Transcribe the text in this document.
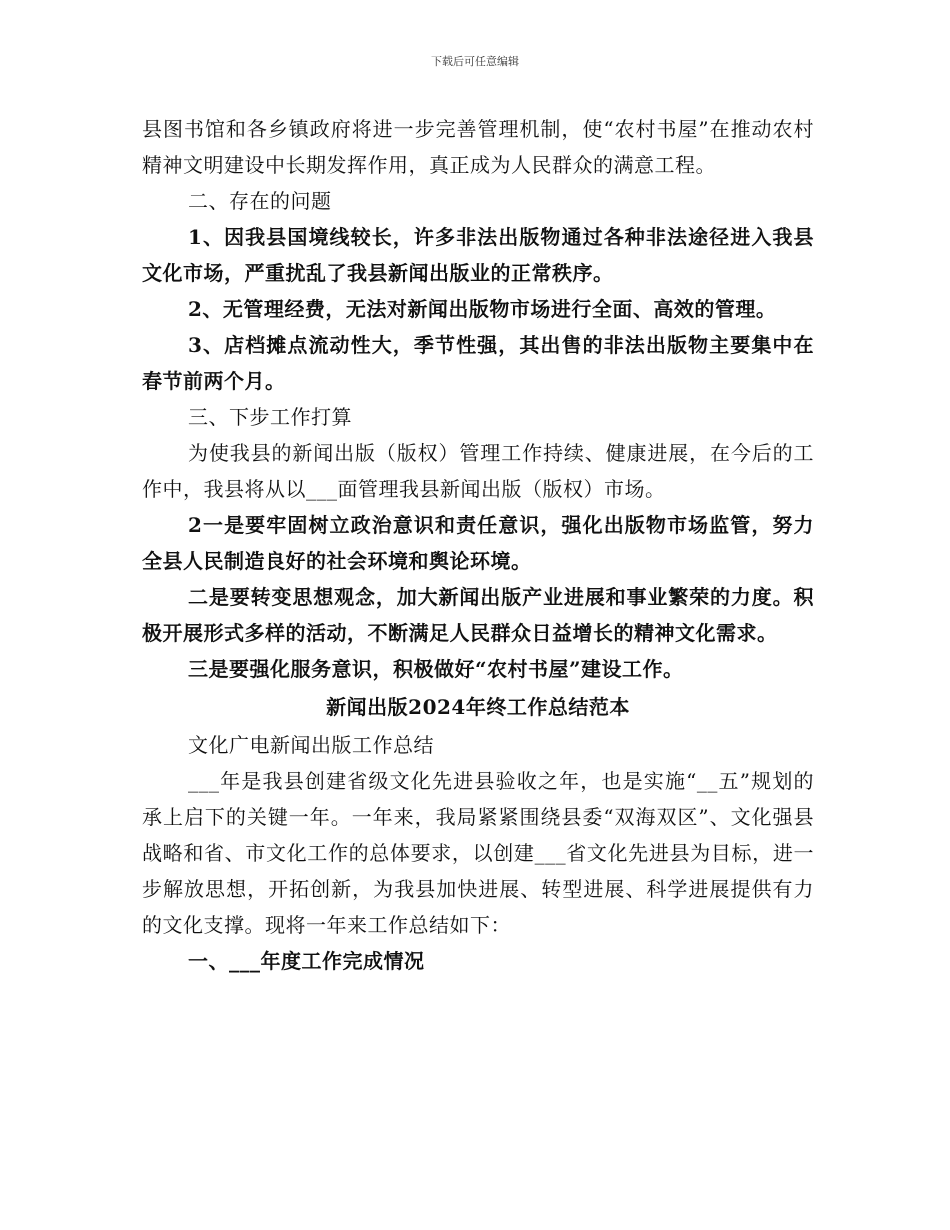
下载后可任意编辑

县图书馆和各乡镇政府将进一步完善管理机制，使“农村书屋”在推动农村精神文明建设中长期发挥作用，真正成为人民群众的满意工程。

二、存在的问题

1、因我县国境线较长，许多非法出版物通过各种非法途径进入我县文化市场，严重扰乱了我县新闻出版业的正常秩序。

2、无管理经费，无法对新闻出版物市场进行全面、高效的管理。

3、店档摊点流动性大，季节性强，其出售的非法出版物主要集中在春节前两个月。

三、下步工作打算

为使我县的新闻出版（版权）管理工作持续、健康进展，在今后的工作中，我县将从以___面管理我县新闻出版（版权）市场。

2一是要牢固树立政治意识和责任意识，强化出版物市场监管，努力全县人民制造良好的社会环境和舆论环境。

二是要转变思想观念，加大新闻出版产业进展和事业繁荣的力度。积极开展形式多样的活动，不断满足人民群众日益增长的精神文化需求。

三是要强化服务意识，积极做好“农村书屋”建设工作。

新闻出版2024年终工作总结范本

文化广电新闻出版工作总结

___年是我县创建省级文化先进县验收之年，也是实施“__五”规划的承上启下的关键一年。一年来，我局紧紧围绕县委“双海双区”、文化强县战略和省、市文化工作的总体要求，以创建___省文化先进县为目标，进一步解放思想，开拓创新，为我县加快进展、转型进展、科学进展提供有力的文化支撑。现将一年来工作总结如下：

一、___年度工作完成情况
